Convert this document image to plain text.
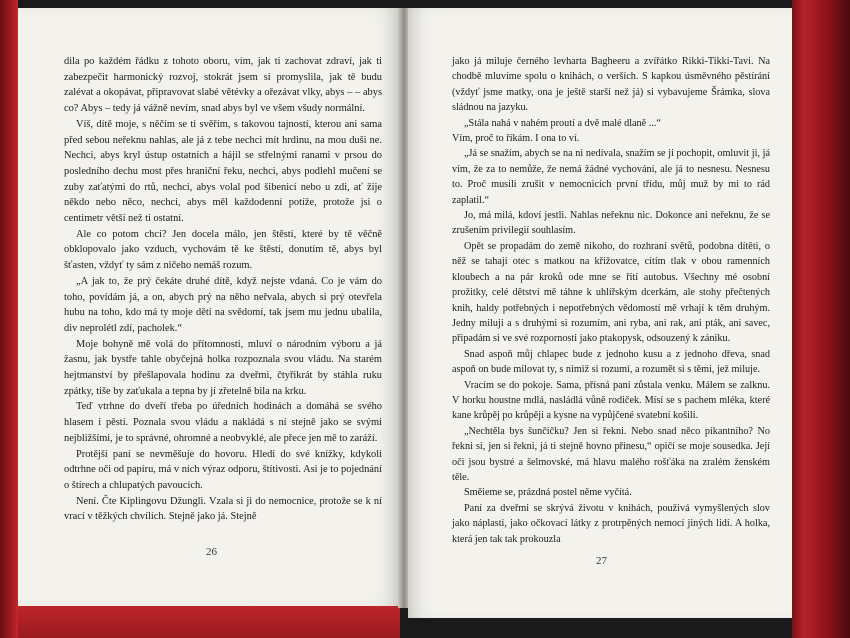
dila po každém řádku z tohoto oboru, vím, jak ti zachovat zdraví, jak ti zabezpečit harmonický rozvoj, stokrát jsem si promyslila, jak tě budu zalévat a okopávat, připravovat slabé větévky a ořezávat vlky, abys – – abys co? Abys – tedy já vážně nevím, snad abys byl ve všem všudy normální.

Víš, dítě moje, s něčím se ti svěřím, s takovou tajností, kterou ani sama před sebou neřeknu nahlas, ale já z tebe nechci mít hrdinu, na mou duši ne. Nechci, abys kryl ústup ostatních a hájil se střelnými ranami v prsou do posledního dechu most přes hraniční řeku, nechci, abys podlehl mučení se zuby zaťatými do rtů, nechci, abys volal pod šibenicí nebo u zdi, ať žije někdo nebo něco, nechci, abys měl každodenní potíže, protože jsi o centimetr větší než ti ostatní.

Ale co potom chci? Jen docela málo, jen štěstí, které by tě věčně obklopovalo jako vzduch, vychovám tě ke štěstí, donutím tě, abys byl šťasten, vždyť ty sám z ničeho nemáš rozum.

„A jak to, že prý čekáte druhé dítě, když nejste vdaná. Co je vám do toho, povídám já, a on, abych prý na něho neřvala, abych si prý otevřela hubu na toho, kdo má ty moje děti na svědomí, tak jsem mu jednu ubalila, div neprolétl zdí, pacholek.“

Moje bohyně mě volá do přítomnosti, mluví o národním výboru a já žasnu, jak bystře tahle obyčejná holka rozpoznala svou vládu. Na starém hejtmanství by přešlapovala hodinu za dveřmi, čtyřikrát by stáhla ruku zpátky, tiše by zaťukala a tepna by jí zřetelně bila na krku.

Teď vtrhne do dveří třeba po úředních hodinách a domáhá se svého hlasem i pěstí. Poznala svou vládu a nakládá s ní stejně jako se svými nejbližšími, je to správné, ohromné a neobvyklé, ale přece jen mě to zaráží.

Protější paní se nevměšuje do hovoru. Hledí do své knížky, kdykoli odtrhne oči od papíru, má v ních výraz odporu, štítivosti. Asi je to pojednání o štírech a chlupatých pavoucích.

Není. Čte Kiplingovu Džungli. Vzala si ji do nemocnice, protože se k ní vrací v těžkých chvílích. Stejně jako já. Stejně

26

jako já miluje černého levharta Bagheeru a zvířátko Rikki-Tikki-Tavi. Na chodbě mluvíme spolu o knihách, o verších. S kapkou úsměvného pěstírání (vždyť jsme matky, ona je ještě starší než já) si vybavujeme Šrámka, slova sládnou na jazyku.

„Stála nahá v nahém proutí a dvě malé dlaně ...“

Vím, proč to říkám. I ona to ví.

„Já se snažím, abych se na ni nedívala, snažím se ji pochopit, omluvit ji, já vím, že za to nemůže, že nemá žádné vychování, ale já to nesnesu. Nesnesu to. Proč musili zrušit v nemocnicích první třídu, můj muž by mi to rád zaplatil.“

Jo, má milá, kdoví jestli. Nahlas neřeknu nic. Dokonce ani neřeknu, že se zrušením privilegií souhlasím.

Opět se propadám do země nikoho, do rozhraní světů, podobna dítěti, o něž se tahají otec s matkou na křižovatce, cítím tlak v obou ramenních kloubech a na pár kroků ode mne se řítí autobus. Všechny mé osobní prožitky, celé dětství mě táhne k uhlířským dcerkám, ale stohy přečtených knih, haldy potřebných i nepotřebných vědomostí mě vrhají k těm druhým. Jedny miluji a s druhými si rozumím, ani ryba, ani rak, ani pták, ani savec, připadám si ve své rozpornosti jako ptakopysk, odsouzený k zániku.

Snad aspoň můj chlapec bude z jednoho kusu a z jednoho dřeva, snad aspoň on bude milovat ty, s nimiž si rozumí, a rozumět si s těmi, jež miluje.

Vracím se do pokoje. Sama, přísná paní zůstala venku. Málem se zalknu. V horku houstne mdlá, nasládlá vůně rodiček. Mísí se s pachem mléka, které kane krůpěj po krůpěji a kysne na vypůjčené svatební košili.

„Nechtěla bys šunčičku? Jen si řekni. Nebo snad něco pikantního? No řekni si, jen si řekni, já ti stejně hovno přinesu,“ opičí se moje sousedka. Její oči jsou bystré a šelmovské, má hlavu malého rošťáka na zralém ženském těle.

Směieme se, prázdná postel něme vyčítá.

Paní za dveřmi se skrývá životu v knihách, použivá vymyšlených slov jako náplasti, jako očkovací látky z protrpěných nemocí jiných lidí. A holka, která jen tak tak prokouzla

27
